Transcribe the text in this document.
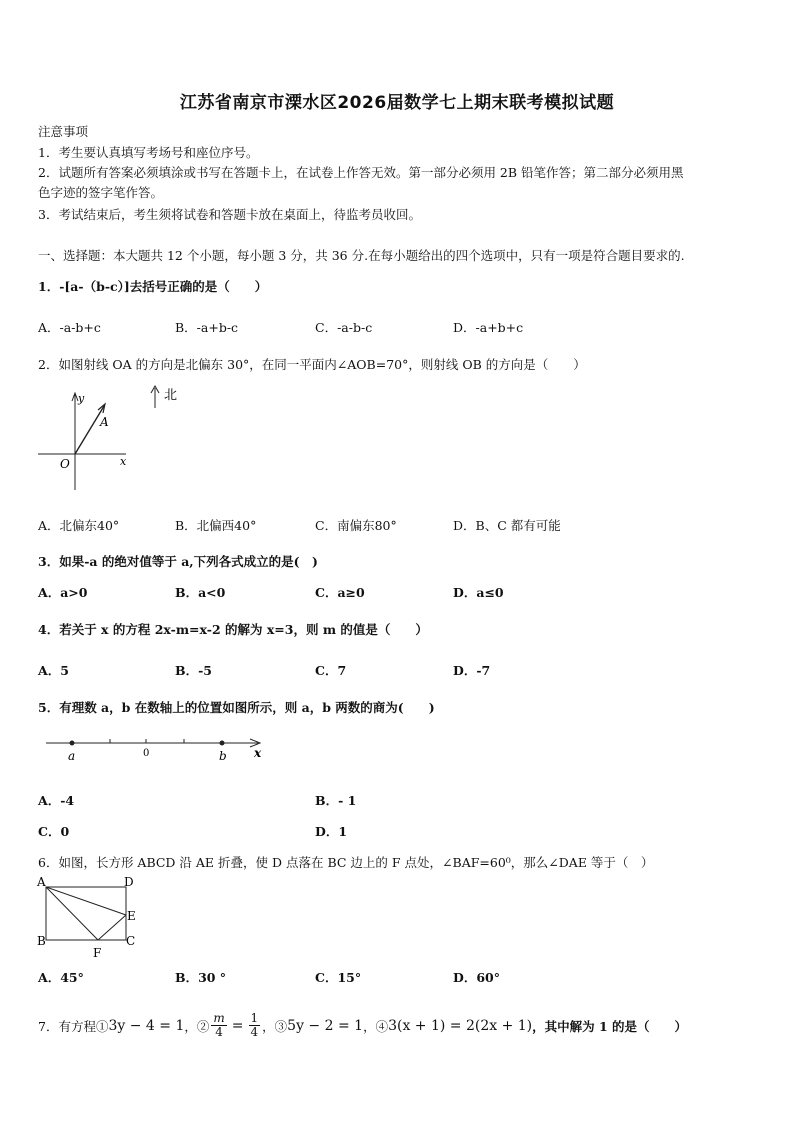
江苏省南京市溧水区2026届数学七上期末联考模拟试题
注意事项
1．考生要认真填写考场号和座位序号。
2．试题所有答案必须填涂或书写在答题卡上，在试卷上作答无效。第一部分必须用 2B 铅笔作答；第二部分必须用黑
色字迹的签字笔作答。
3．考试结束后，考生须将试卷和答题卡放在桌面上，待监考员收回。
一、选择题：本大题共 12 个小题，每小题 3 分，共 36 分.在每小题给出的四个选项中，只有一项是符合题目要求的.
1．-[a-（b-c）]去括号正确的是（　　）
A．-a-b+c	B．-a+b-c	C．-a-b-c	D．-a+b+c
2．如图射线 OA 的方向是北偏东 30°，在同一平面内∠AOB=70°，则射线 OB 的方向是（　　）
北
y
x
O
A
A．北偏东40°	B．北偏西40°	C．南偏东80°	D．B、C 都有可能
3．如果-a 的绝对值等于 a,下列各式成立的是(　)
A．a>0	B．a<0	C．a≥0	D．a≤0
4．若关于 x 的方程 2x-m=x-2 的解为 x=3，则 m 的值是（　　）
A．5	B．-5	C．7	D．-7
5．有理数 a，b 在数轴上的位置如图所示，则 a，b 两数的商为(　　)
a	0	b x
A．-4	B．- 1
C．0	D．1
6．如图，长方形 ABCD 沿 AE 折叠，使 D 点落在 BC 边上的 F 点处，∠BAF=60⁰，那么∠DAE 等于（　）
A	D
B	C
E
F
A．45°	B．30 °	C．15°	D．60°
7．有方程① 3y − 4 = 1 ，② $\frac{m}{4} = \frac{1}{4}$ ，③ 5y − 2 = 1 ，④ 3(x + 1) = 2(2x + 1) ，其中解为 1 的是（　　）
